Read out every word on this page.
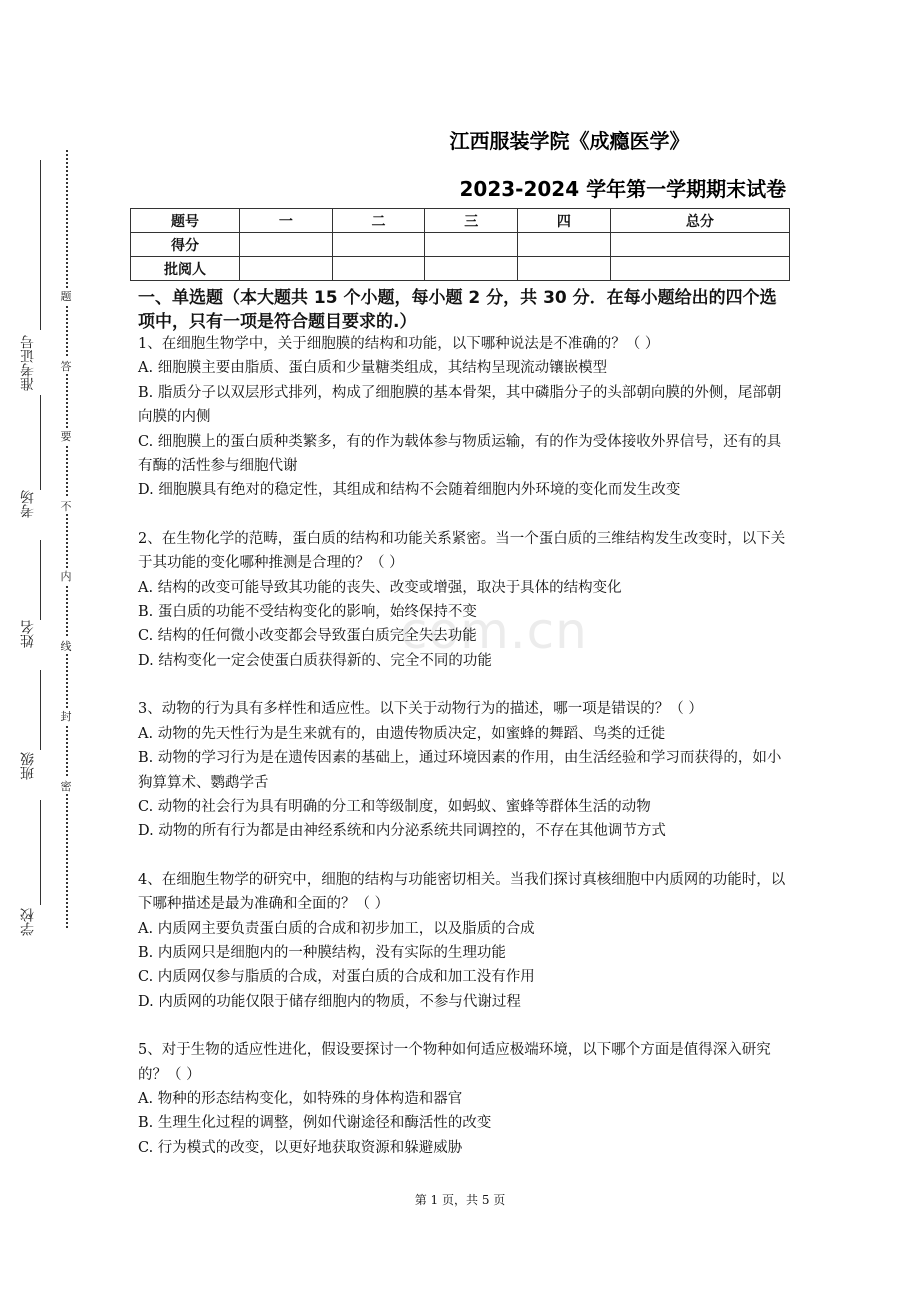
com.cn
准考证号
考场
姓名
班级
学校
题
答
要
不
内
线
封
密
江西服装学院《成瘾医学》
2023-2024 学年第一学期期末试卷
题号	一	二	三	四	总分
得分					
批阅人					
一、单选题（本大题共 15 个小题，每小题 2 分，共 30 分．在每小题给出的四个选项中，只有一项是符合题目要求的.）

1、在细胞生物学中，关于细胞膜的结构和功能，以下哪种说法是不准确的？（ ）

A. 细胞膜主要由脂质、蛋白质和少量糖类组成，其结构呈现流动镶嵌模型

B. 脂质分子以双层形式排列，构成了细胞膜的基本骨架，其中磷脂分子的头部朝向膜的外侧，尾部朝向膜的内侧

C. 细胞膜上的蛋白质种类繁多，有的作为载体参与物质运输，有的作为受体接收外界信号，还有的具有酶的活性参与细胞代谢

D. 细胞膜具有绝对的稳定性，其组成和结构不会随着细胞内外环境的变化而发生改变

2、在生物化学的范畴，蛋白质的结构和功能关系紧密。当一个蛋白质的三维结构发生改变时，以下关于其功能的变化哪种推测是合理的？（ ）

A. 结构的改变可能导致其功能的丧失、改变或增强，取决于具体的结构变化

B. 蛋白质的功能不受结构变化的影响，始终保持不变

C. 结构的任何微小改变都会导致蛋白质完全失去功能

D. 结构变化一定会使蛋白质获得新的、完全不同的功能

3、动物的行为具有多样性和适应性。以下关于动物行为的描述，哪一项是错误的？（ ）

A. 动物的先天性行为是生来就有的，由遗传物质决定，如蜜蜂的舞蹈、鸟类的迁徙

B. 动物的学习行为是在遗传因素的基础上，通过环境因素的作用，由生活经验和学习而获得的，如小狗算算术、鹦鹉学舌

C. 动物的社会行为具有明确的分工和等级制度，如蚂蚁、蜜蜂等群体生活的动物

D. 动物的所有行为都是由神经系统和内分泌系统共同调控的，不存在其他调节方式

4、在细胞生物学的研究中，细胞的结构与功能密切相关。当我们探讨真核细胞中内质网的功能时，以下哪种描述是最为准确和全面的？（ ）

A. 内质网主要负责蛋白质的合成和初步加工，以及脂质的合成

B. 内质网只是细胞内的一种膜结构，没有实际的生理功能

C. 内质网仅参与脂质的合成，对蛋白质的合成和加工没有作用

D. 内质网的功能仅限于储存细胞内的物质，不参与代谢过程

5、对于生物的适应性进化，假设要探讨一个物种如何适应极端环境，以下哪个方面是值得深入研究的？（ ）

A. 物种的形态结构变化，如特殊的身体构造和器官

B. 生理生化过程的调整，例如代谢途径和酶活性的改变

C. 行为模式的改变，以更好地获取资源和躲避威胁

第 1 页，共 5 页
